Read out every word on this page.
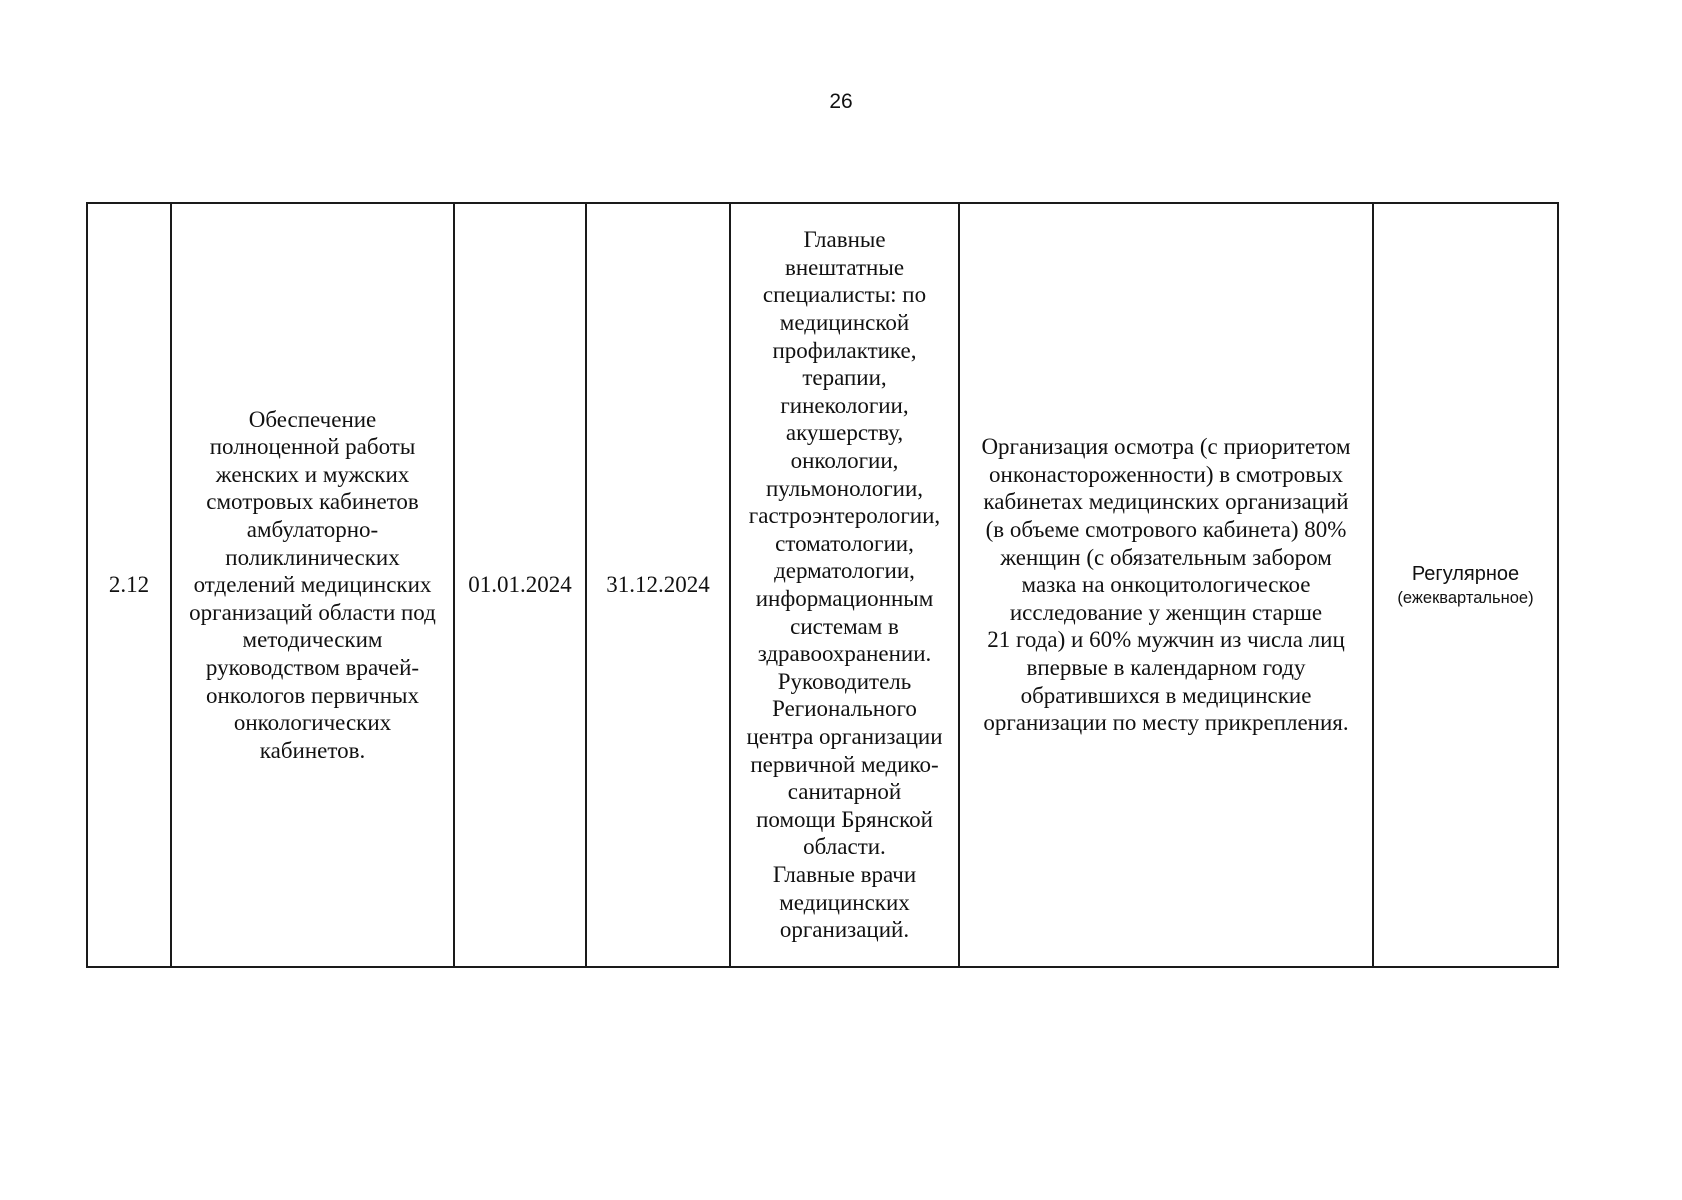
26
2.12

Обеспечение
полноценной работы
женских и мужских
смотровых кабинетов
амбулаторно-
поликлинических
отделений медицинских
организаций области под
методическим
руководством врачей-
онкологов первичных
онкологических
кабинетов.

01.01.2024	31.12.2024

Главные
внештатные
специалисты: по
медицинской
профилактике,
терапии,
гинекологии,
акушерству,
онкологии,
пульмонологии,
гастроэнтерологии,
стоматологии,
дерматологии,
информационным
системам в
здравоохранении.
Руководитель
Регионального
центра организации
первичной медико-
санитарной
помощи Брянской
области.
Главные врачи
медицинских
организаций.

Организация осмотра (с приоритетом
онконастороженности) в смотровых
кабинетах медицинских организаций
(в объеме смотрового кабинета) 80%
женщин (с обязательным забором
мазка на онкоцитологическое
исследование у женщин старше
21 года) и 60% мужчин из числа лиц
впервые в календарном году
обратившихся в медицинские
организации по месту прикрепления.

Регулярное
(ежеквартальное)
